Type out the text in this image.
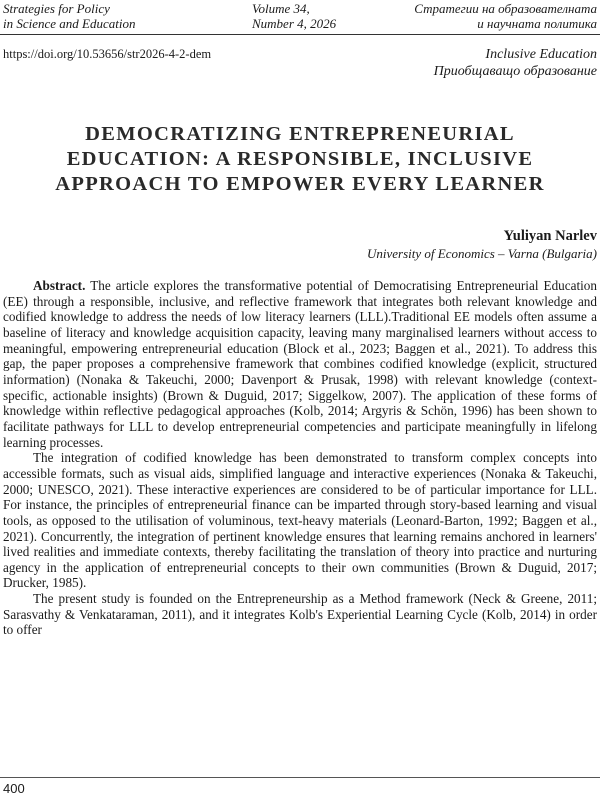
Strategies for Policy
in Science and Education
Volume 34,
Number 4, 2026
Стратегии на образователната
и научната политика
https://doi.org/10.53656/str2026-4-2-dem	Inclusive Education
Приобщаващо образование
DEMOCRATIZING ENTREPRENEURIAL
EDUCATION: A RESPONSIBLE, INCLUSIVE
APPROACH TO EMPOWER EVERY LEARNER
Yuliyan Narlev
University of Economics – Varna (Bulgaria)

Abstract. The article explores the transformative potential of Democratising Entrepreneurial Education (EE) through a responsible, inclusive, and reflective framework that integrates both relevant knowledge and codified knowledge to address the needs of low literacy learners (LLL).Traditional EE models often assume a baseline of literacy and knowledge acquisition capacity, leaving many marginalised learners without access to meaningful, empowering entrepreneurial education (Block et al., 2023; Baggen et al., 2021). To address this gap, the paper proposes a comprehensive framework that combines codified knowledge (explicit, structured information) (Nonaka & Takeuchi, 2000; Davenport & Prusak, 1998) with relevant knowledge (context-specific, actionable insights) (Brown & Duguid, 2017; Siggelkow, 2007). The application of these forms of knowledge within reflective pedagogical approaches (Kolb, 2014; Argyris & Schön, 1996) has been shown to facilitate pathways for LLL to develop entrepreneurial competencies and participate meaningfully in lifelong learning processes.

The integration of codified knowledge has been demonstrated to transform complex concepts into accessible formats, such as visual aids, simplified language and interactive experiences (Nonaka & Takeuchi, 2000; UNESCO, 2021). These interactive experiences are considered to be of particular importance for LLL. For instance, the principles of entrepreneurial finance can be imparted through story-based learning and visual tools, as opposed to the utilisation of voluminous, text-heavy materials (Leonard-Barton, 1992; Baggen et al., 2021). Concurrently, the integration of pertinent knowledge ensures that learning remains anchored in learners' lived realities and immediate contexts, thereby facilitating the translation of theory into practice and nurturing agency in the application of entrepreneurial concepts to their own communities (Brown & Duguid, 2017; Drucker, 1985).

The present study is founded on the Entrepreneurship as a Method framework (Neck & Greene, 2011; Sarasvathy & Venkataraman, 2011), and it integrates Kolb's Experiential Learning Cycle (Kolb, 2014) in order to offer

400
